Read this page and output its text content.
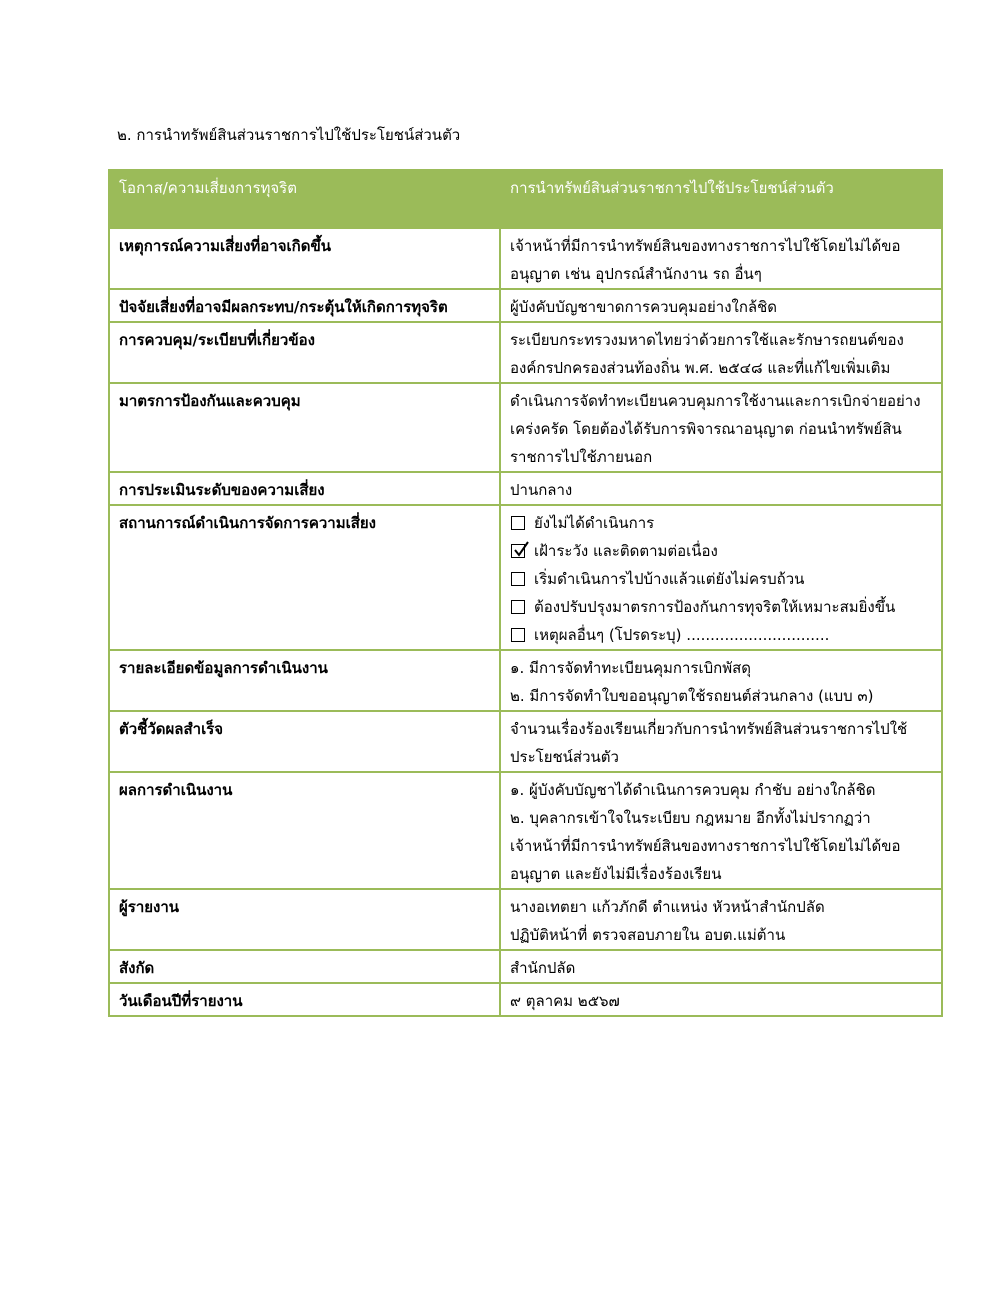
๒. การนำทรัพย์สินส่วนราชการไปใช้ประโยชน์ส่วนตัว
โอกาส/ความเสี่ยงการทุจริต	การนำทรัพย์สินส่วนราชการไปใช้ประโยชน์ส่วนตัว
เหตุการณ์ความเสี่ยงที่อาจเกิดขึ้น	เจ้าหน้าที่มีการนำทรัพย์สินของทางราชการไปใช้โดยไม่ได้ขอ
อนุญาต เช่น อุปกรณ์สำนักงาน รถ อื่นๆ

ปัจจัยเสี่ยงที่อาจมีผลกระทบ/กระตุ้นให้เกิดการทุจริต	ผู้บังคับบัญชาขาดการควบคุมอย่างใกล้ชิด

การควบคุม/ระเบียบที่เกี่ยวข้อง	ระเบียบกระทรวงมหาดไทยว่าด้วยการใช้และรักษารถยนต์ของ
องค์กรปกครองส่วนท้องถิ่น พ.ศ. ๒๕๔๘ และที่แก้ไขเพิ่มเติม

มาตรการป้องกันและควบคุม	ดำเนินการจัดทำทะเบียนควบคุมการใช้งานและการเบิกจ่ายอย่าง
เคร่งครัด โดยต้องได้รับการพิจารณาอนุญาต ก่อนนำทรัพย์สิน
ราชการไปใช้ภายนอก

การประเมินระดับของความเสี่ยง	ปานกลาง

สถานการณ์ดำเนินการจัดการความเสี่ยง	ยังไม่ได้ดำเนินการ
เฝ้าระวัง และติดตามต่อเนื่อง
เริ่มดำเนินการไปบ้างแล้วแต่ยังไม่ครบถ้วน
ต้องปรับปรุงมาตรการป้องกันการทุจริตให้เหมาะสมยิ่งขึ้น
เหตุผลอื่นๆ (โปรดระบุ) ..............................

รายละเอียดข้อมูลการดำเนินงาน	๑. มีการจัดทำทะเบียนคุมการเบิกพัสดุ
๒. มีการจัดทำใบขออนุญาตใช้รถยนต์ส่วนกลาง (แบบ ๓)

ตัวชี้วัดผลสำเร็จ	จำนวนเรื่องร้องเรียนเกี่ยวกับการนำทรัพย์สินส่วนราชการไปใช้
ประโยชน์ส่วนตัว

ผลการดำเนินงาน	๑. ผู้บังคับบัญชาได้ดำเนินการควบคุม กำชับ อย่างใกล้ชิด
๒. บุคลากรเข้าใจในระเบียบ กฎหมาย อีกทั้งไม่ปรากฏว่า
เจ้าหน้าที่มีการนำทรัพย์สินของทางราชการไปใช้โดยไม่ได้ขอ
อนุญาต และยังไม่มีเรื่องร้องเรียน

ผู้รายงาน	นางอเทตยา แก้วภักดี ตำแหน่ง หัวหน้าสำนักปลัด
ปฏิบัติหน้าที่ ตรวจสอบภายใน อบต.แม่ต้าน

สังกัด	สำนักปลัด

วันเดือนปีที่รายงาน	๙ ตุลาคม ๒๕๖๗
